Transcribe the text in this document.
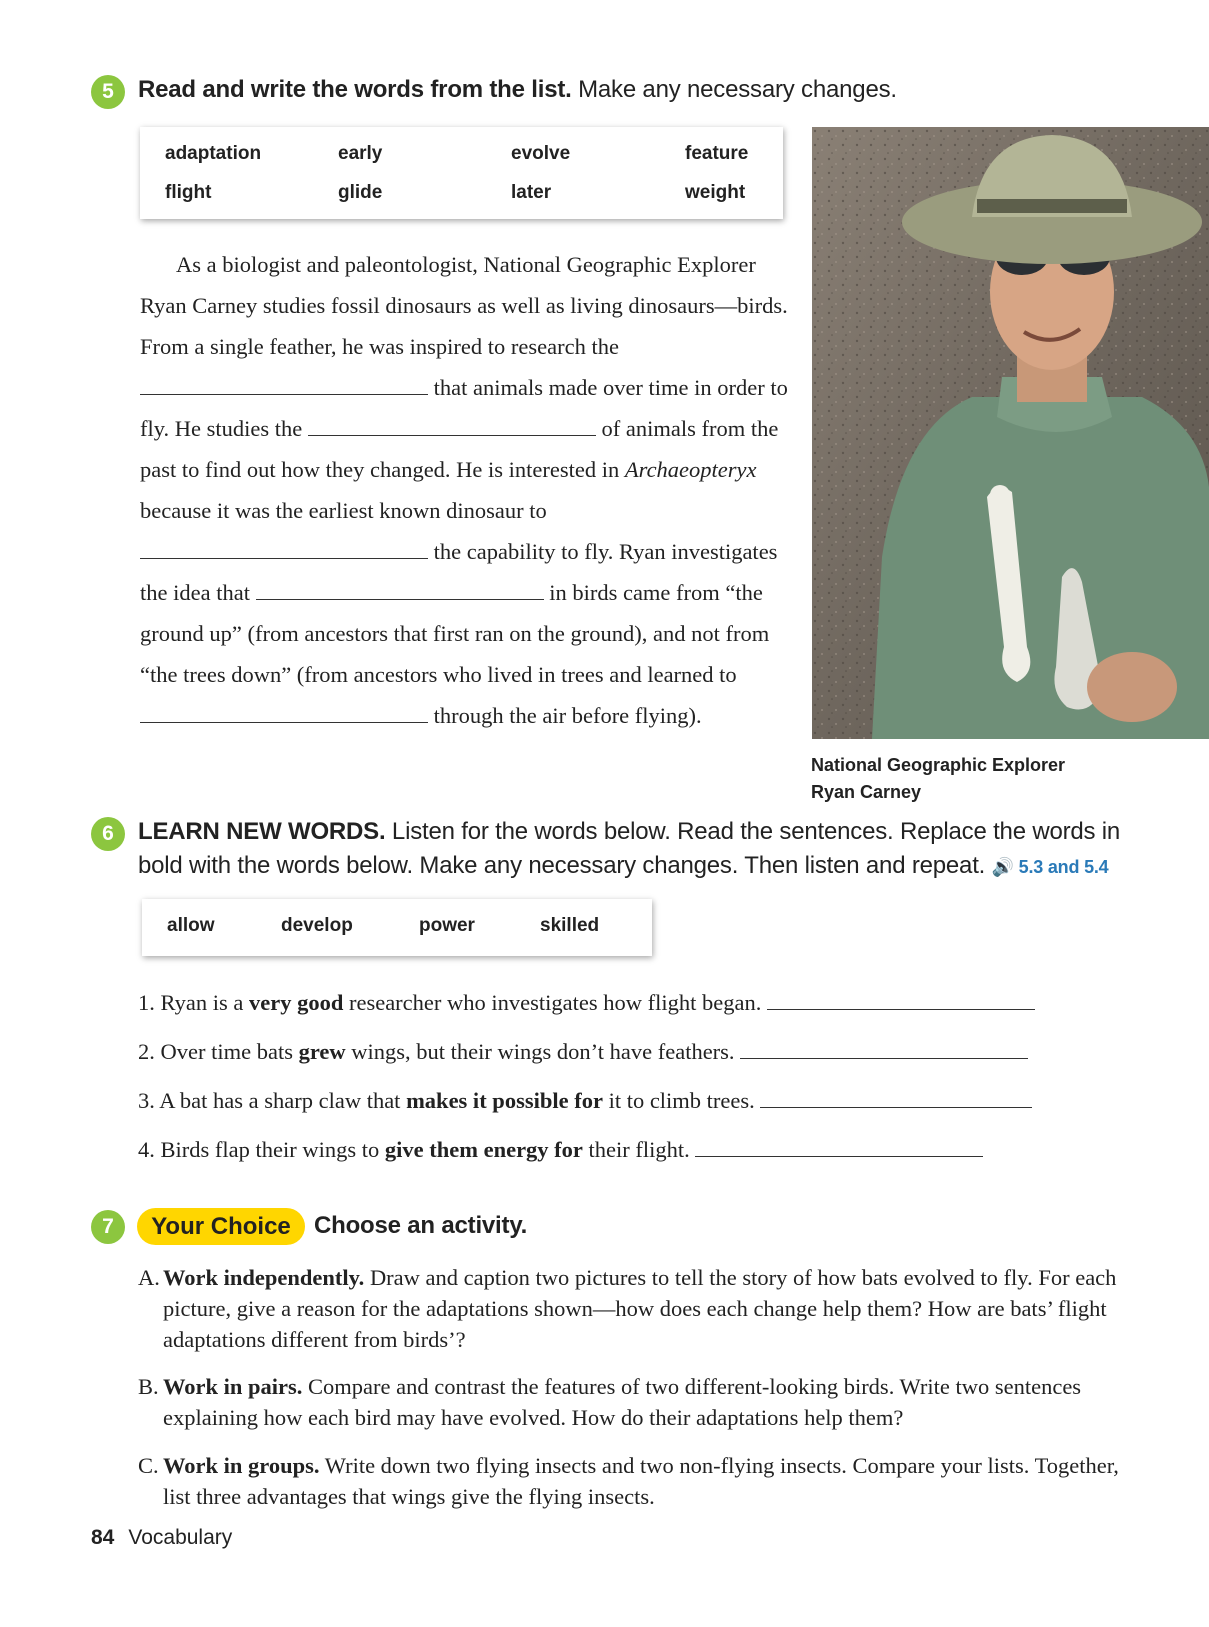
5	Read and write the words from the list. Make any necessary changes.
adaptation	early	evolve	feature
flight	glide	later	weight

As a biologist and paleontologist, National Geographic Explorer Ryan Carney studies fossil dinosaurs as well as living dinosaurs—birds. From a single feather, he was inspired to research the  that animals made over time in order to fly. He studies the	of animals from the past to find out how they changed. He is interested in Archaeopteryx because it was the earliest known dinosaur to  the capability to fly. Ryan investigates the idea that	in birds came from “the ground up” (from ancestors that first ran on the ground), and not from “the trees down” (from ancestors who lived in trees and learned to  through the air before flying).

National Geographic Explorer
Ryan Carney
6	LEARN NEW WORDS. Listen for the words below. Read the sentences. Replace the words in
bold with the words below. Make any necessary changes. Then listen and repeat. 🔊 5.3 and 5.4
allow	develop	power	skilled
1. Ryan is a very good researcher who investigates how flight began.
2. Over time bats grew wings, but their wings don’t have feathers.
3. A bat has a sharp claw that makes it possible for it to climb trees.
4. Birds flap their wings to give them energy for their flight.
7	Your Choice Choose an activity.
A. Work independently. Draw and caption two pictures to tell the story of how bats evolved to fly. For each picture, give a reason for the adaptations shown—how does each change help them? How are bats’ flight adaptations different from birds’?
B. Work in pairs. Compare and contrast the features of two different-looking birds. Write two sentences explaining how each bird may have evolved. How do their adaptations help them?
C. Work in groups. Write down two flying insects and two non-flying insects. Compare your lists. Together, list three advantages that wings give the flying insects.
84 Vocabulary
